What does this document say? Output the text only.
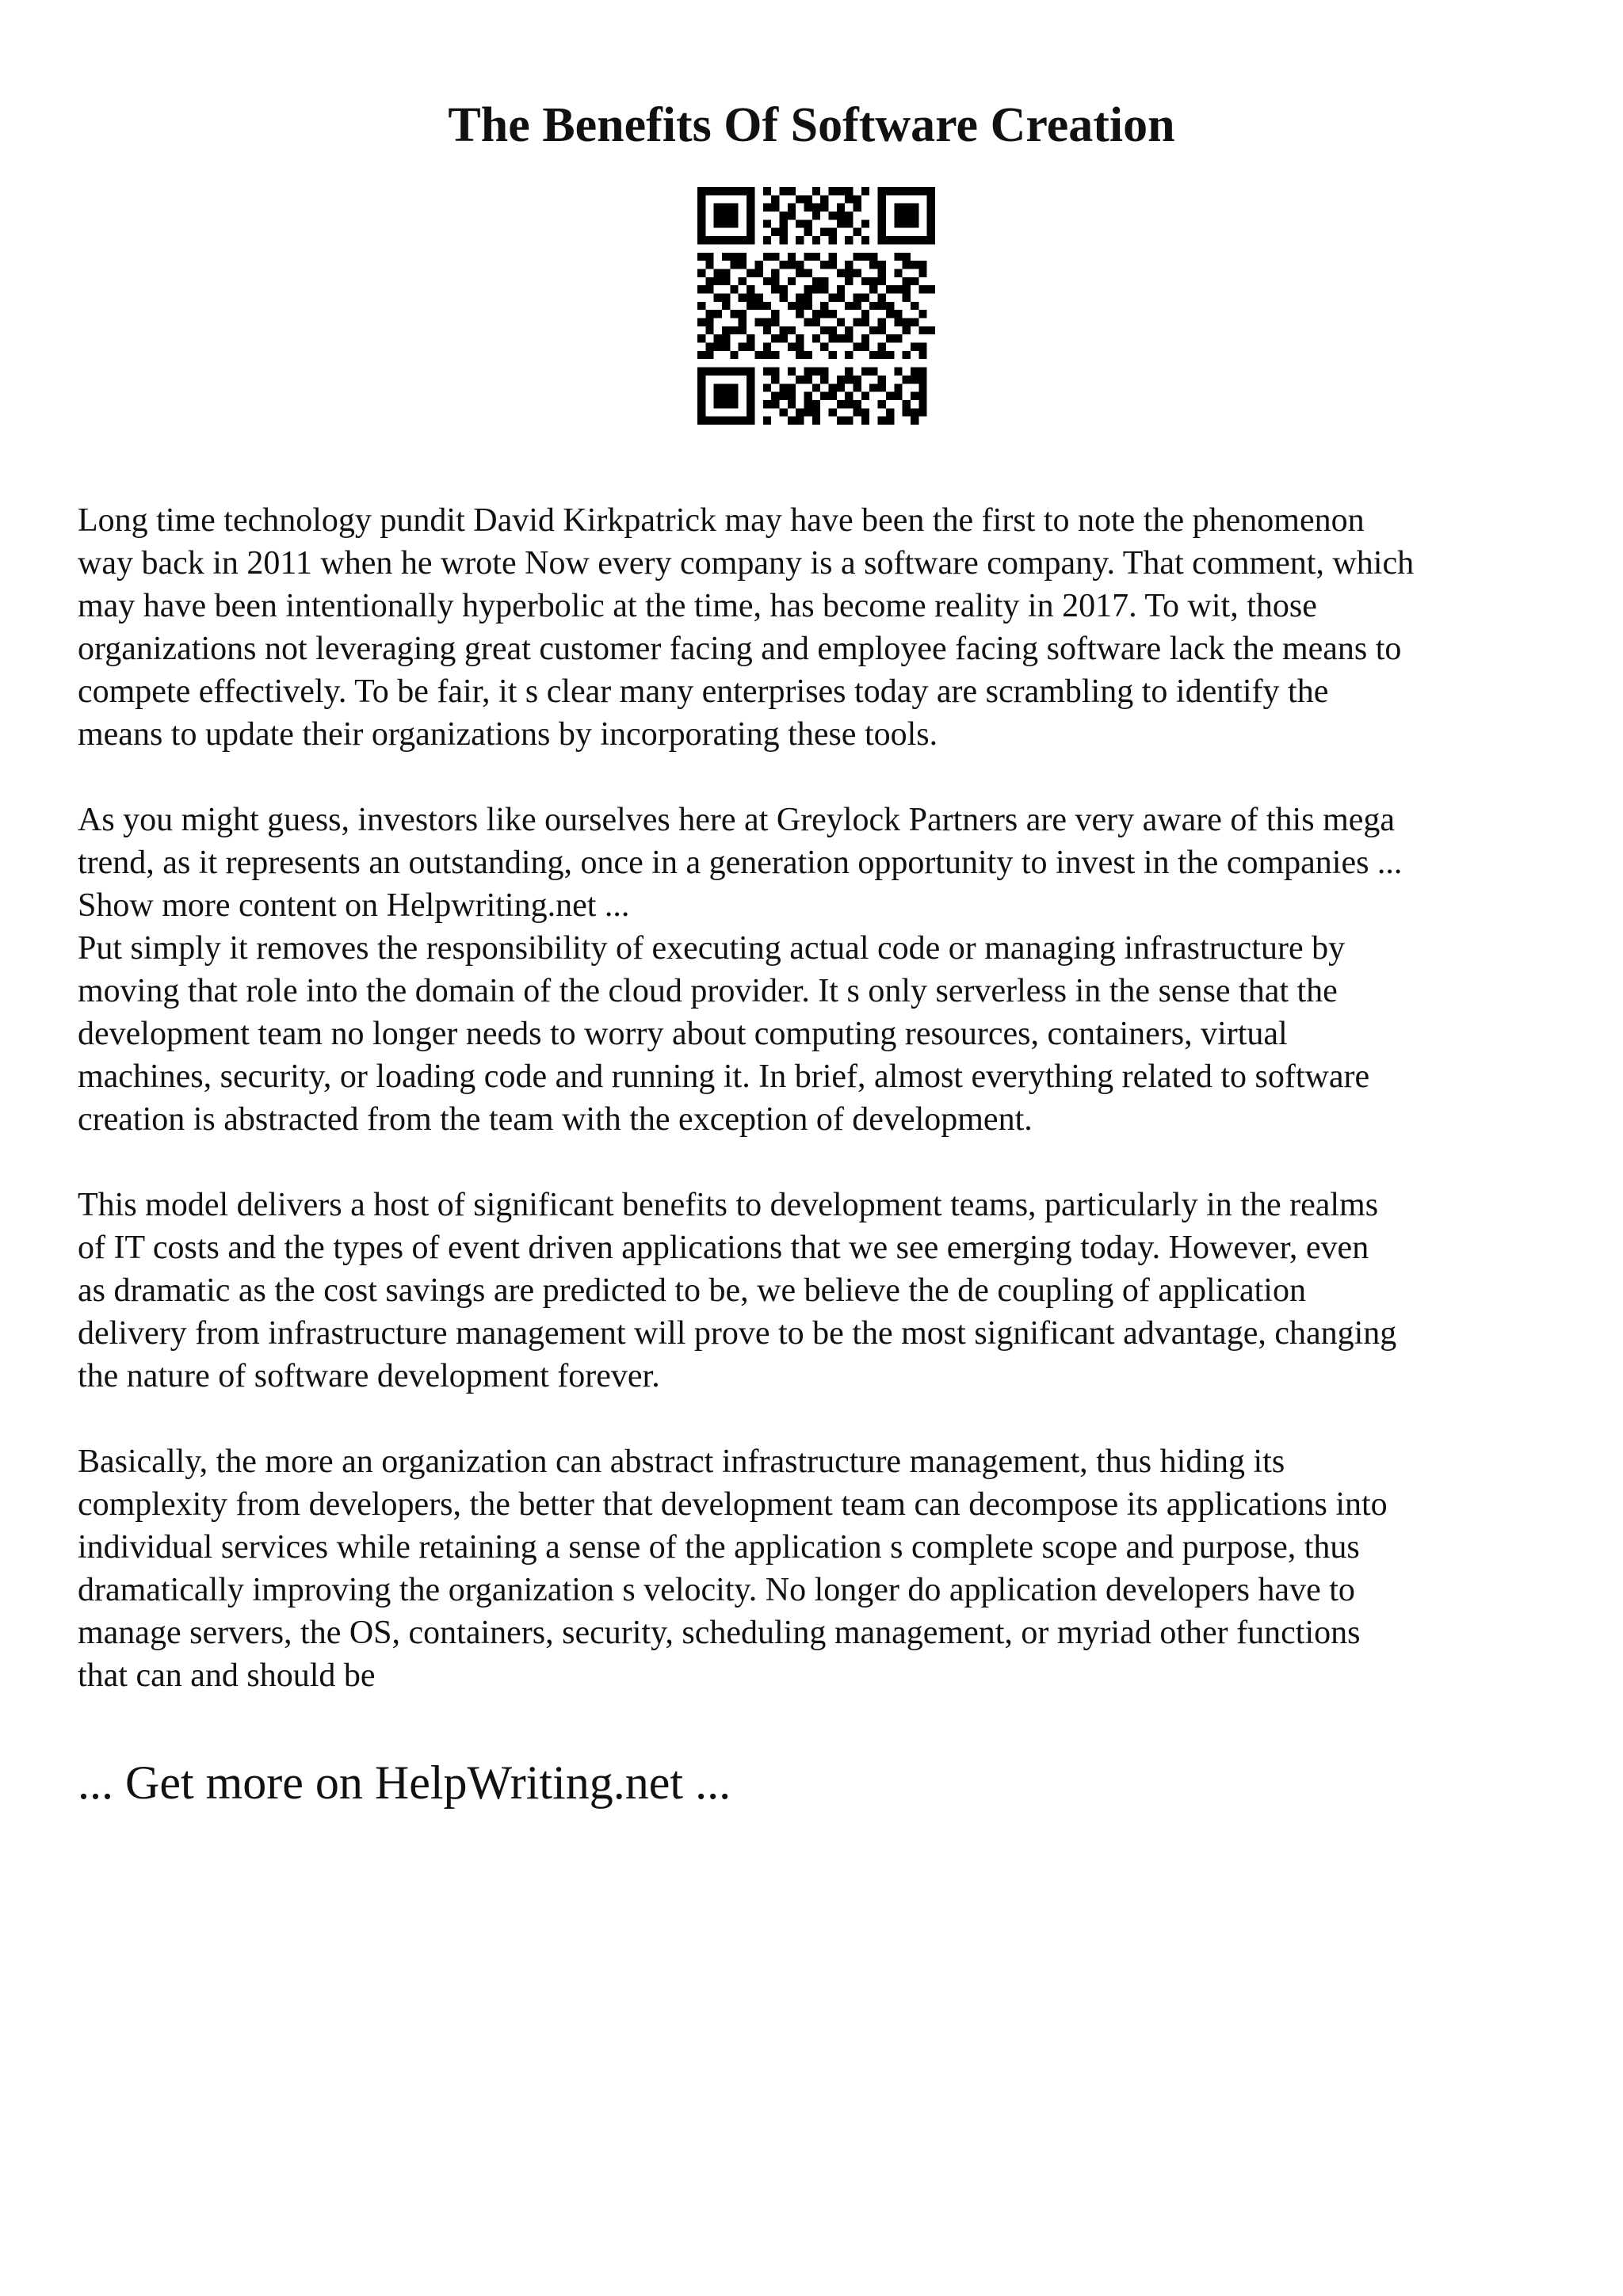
The Benefits Of Software Creation

Long time technology pundit David Kirkpatrick may have been the first to note the phenomenon
way back in 2011 when he wrote Now every company is a software company. That comment, which
may have been intentionally hyperbolic at the time, has become reality in 2017. To wit, those
organizations not leveraging great customer facing and employee facing software lack the means to
compete effectively. To be fair, it s clear many enterprises today are scrambling to identify the
means to update their organizations by incorporating these tools.

As you might guess, investors like ourselves here at Greylock Partners are very aware of this mega
trend, as it represents an outstanding, once in a generation opportunity to invest in the companies ...
Show more content on Helpwriting.net ...

Put simply it removes the responsibility of executing actual code or managing infrastructure by
moving that role into the domain of the cloud provider. It s only serverless in the sense that the
development team no longer needs to worry about computing resources, containers, virtual
machines, security, or loading code and running it. In brief, almost everything related to software
creation is abstracted from the team with the exception of development.

This model delivers a host of significant benefits to development teams, particularly in the realms
of IT costs and the types of event driven applications that we see emerging today. However, even
as dramatic as the cost savings are predicted to be, we believe the de coupling of application
delivery from infrastructure management will prove to be the most significant advantage, changing
the nature of software development forever.

Basically, the more an organization can abstract infrastructure management, thus hiding its
complexity from developers, the better that development team can decompose its applications into
individual services while retaining a sense of the application s complete scope and purpose, thus
dramatically improving the organization s velocity. No longer do application developers have to
manage servers, the OS, containers, security, scheduling management, or myriad other functions
that can and should be

... Get more on HelpWriting.net ...
